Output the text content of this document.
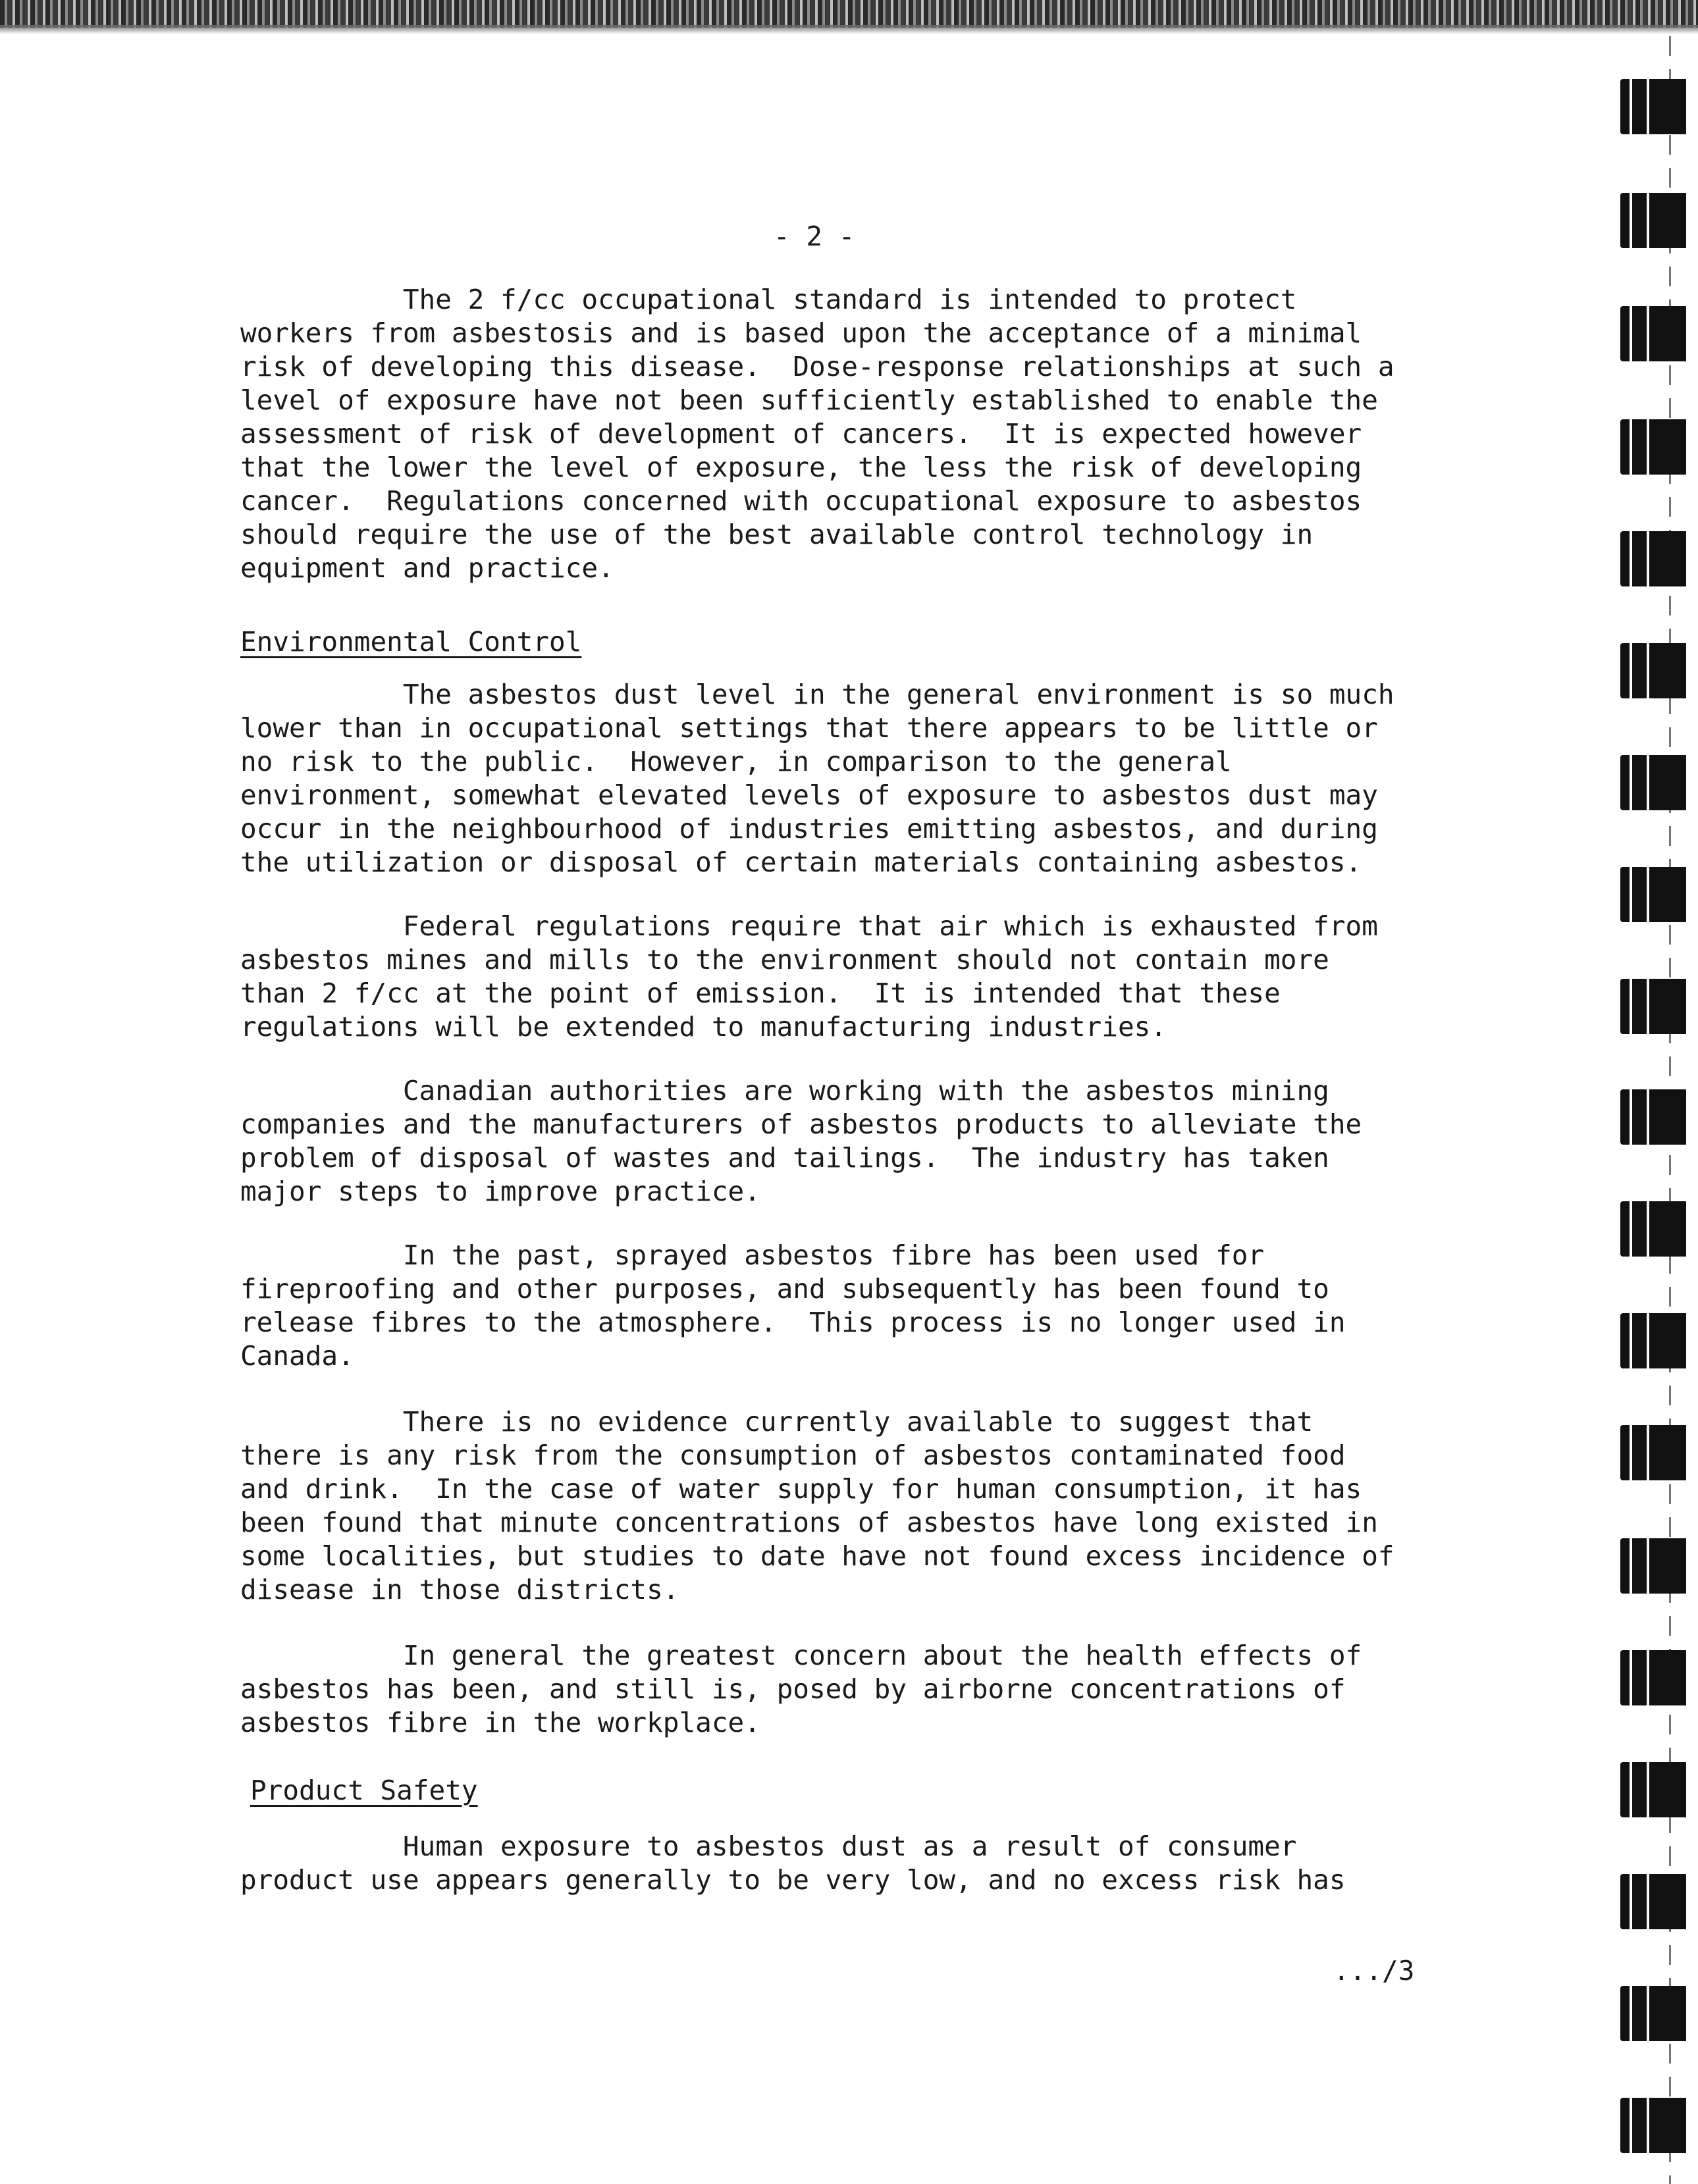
- 2 -
The 2 f/cc occupational standard is intended to protect
workers from asbestosis and is based upon the acceptance of a minimal
risk of developing this disease.  Dose-response relationships at such a
level of exposure have not been sufficiently established to enable the
assessment of risk of development of cancers.  It is expected however
that the lower the level of exposure, the less the risk of developing
cancer.  Regulations concerned with occupational exposure to asbestos
should require the use of the best available control technology in
equipment and practice.
Environmental Control
The asbestos dust level in the general environment is so much
lower than in occupational settings that there appears to be little or
no risk to the public.  However, in comparison to the general
environment, somewhat elevated levels of exposure to asbestos dust may
occur in the neighbourhood of industries emitting asbestos, and during
the utilization or disposal of certain materials containing asbestos.
Federal regulations require that air which is exhausted from
asbestos mines and mills to the environment should not contain more
than 2 f/cc at the point of emission.  It is intended that these
regulations will be extended to manufacturing industries.
Canadian authorities are working with the asbestos mining
companies and the manufacturers of asbestos products to alleviate the
problem of disposal of wastes and tailings.  The industry has taken
major steps to improve practice.
In the past, sprayed asbestos fibre has been used for
fireproofing and other purposes, and subsequently has been found to
release fibres to the atmosphere.  This process is no longer used in
Canada.
There is no evidence currently available to suggest that
there is any risk from the consumption of asbestos contaminated food
and drink.  In the case of water supply for human consumption, it has
been found that minute concentrations of asbestos have long existed in
some localities, but studies to date have not found excess incidence of
disease in those districts.
In general the greatest concern about the health effects of
asbestos has been, and still is, posed by airborne concentrations of
asbestos fibre in the workplace.
Product Safety
Human exposure to asbestos dust as a result of consumer
product use appears generally to be very low, and no excess risk has
.../3
